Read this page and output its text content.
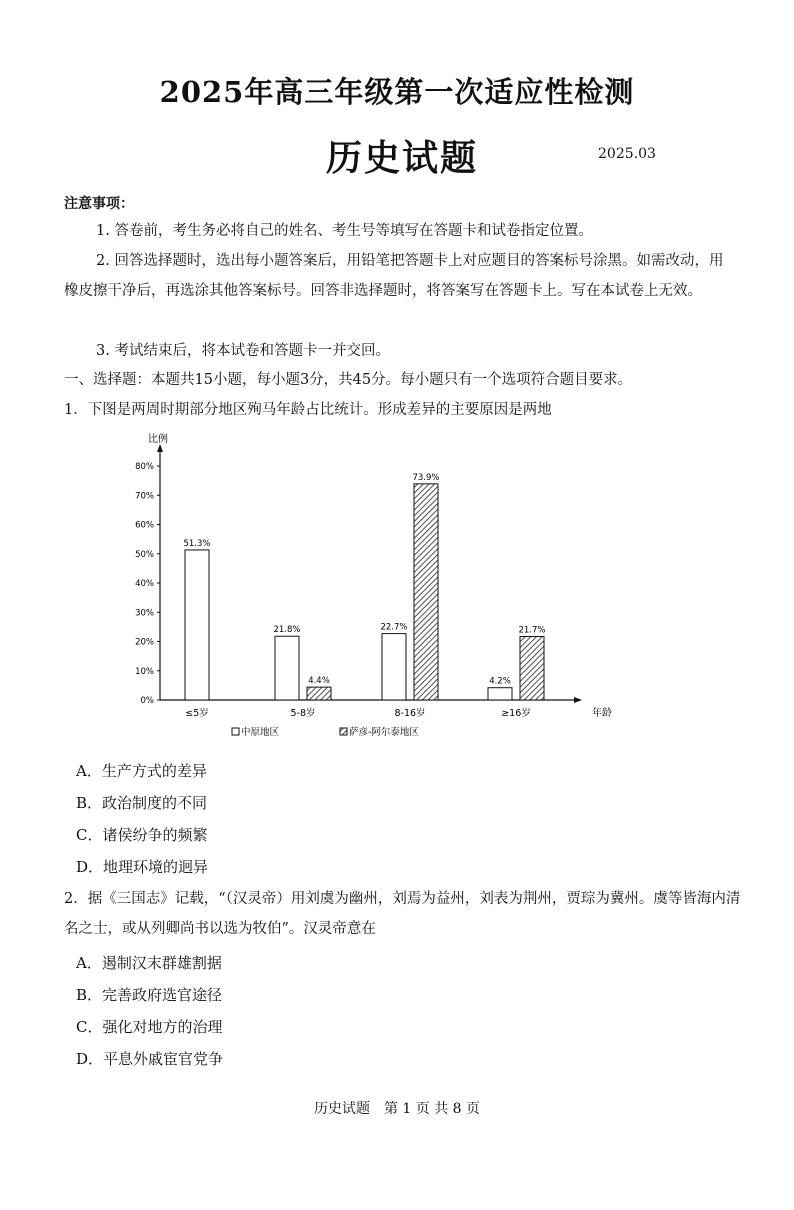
2025年高三年级第一次适应性检测
历史试题	2025.03
注意事项：
1. 答卷前，考生务必将自己的姓名、考生号等填写在答题卡和试卷指定位置。
2. 回答选择题时，选出每小题答案后，用铅笔把答题卡上对应题目的答案标号涂黑。如需改动，用橡皮擦干净后，再选涂其他答案标号。回答非选择题时，将答案写在答题卡上。写在本试卷上无效。
3. 考试结束后，将本试卷和答题卡一并交回。
一、选择题：本题共15小题，每小题3分，共45分。每小题只有一个选项符合题目要求。
1．下图是两周时期部分地区殉马年龄占比统计。形成差异的主要原因是两地
比例
年龄
0%
10%
20%
30%
40%
50%
60%
70%
80%
≤5岁	5-8岁	8-16岁	≥16岁
51.3%
21.8%	22.7%
4.2%
4.4%
73.9%
21.7%
中原地区	萨彦-阿尔泰地区
A．生产方式的差异
B．政治制度的不同
C．诸侯纷争的频繁
D．地理环境的迥异
2．据《三国志》记载，“（汉灵帝）用刘虞为幽州，刘焉为益州，刘表为荆州，贾琮为冀州。虞等皆海内清名之士，或从列卿尚书以选为牧伯”。汉灵帝意在
A．遏制汉末群雄割据
B．完善政府选官途径
C．强化对地方的治理
D．平息外戚宦官党争
历史试题　第 1 页 共 8 页
